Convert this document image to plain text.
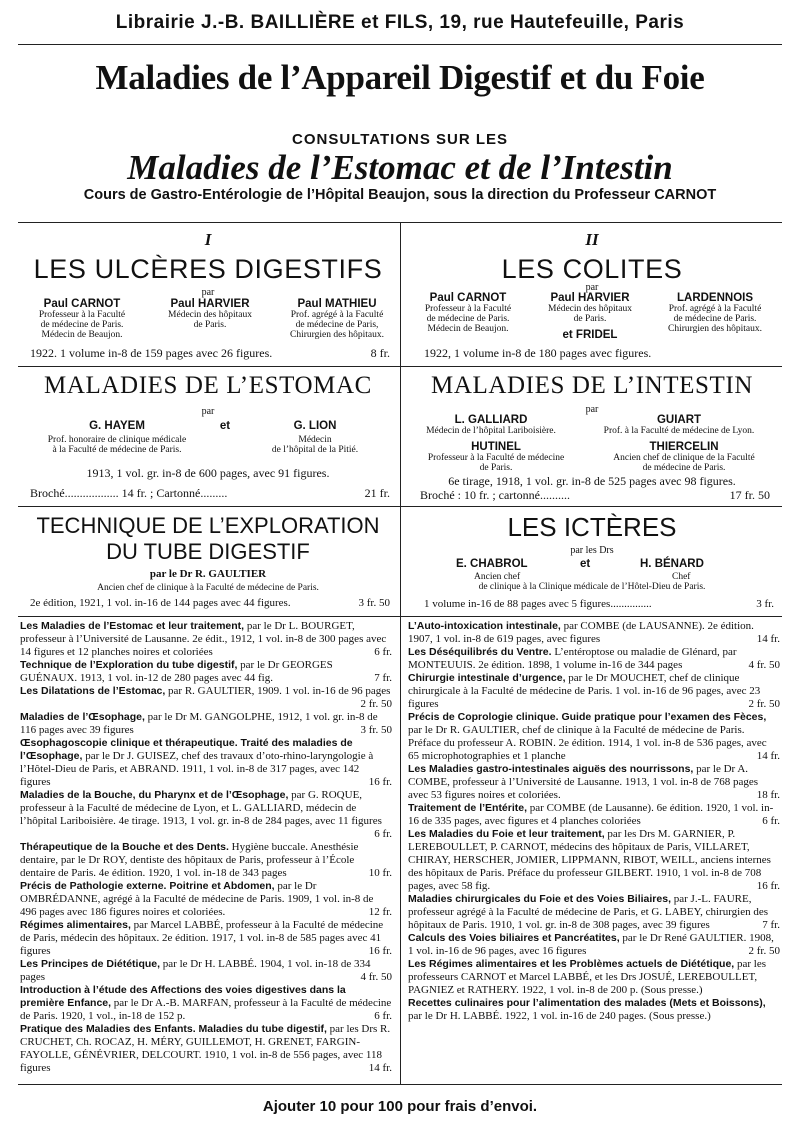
Librairie J.-B. BAILLIÈRE et FILS, 19, rue Hautefeuille, Paris
Maladies de l’Appareil Digestif et du Foie
CONSULTATIONS SUR LES
Maladies de l’Estomac et de l’Intestin
Cours de Gastro-Entérologie de l’Hôpital Beaujon, sous la direction du Professeur CARNOT
I
LES ULCÈRES DIGESTIFS
par
Paul CARNOT
Professeur à la Faculté
de médecine de Paris.
Médecin de Beaujon.
Paul HARVIER
Médecin des hôpitaux
de Paris.
Paul MATHIEU
Prof. agrégé à la Faculté
de médecine de Paris,
Chirurgien des hôpitaux.
1922. 1 volume in-8 de 159 pages avec 26 figures.	8 fr.
II
LES COLITES
par
Paul CARNOT
Professeur à la Faculté
de médecine de Paris.
Médecin de Beaujon.
Paul HARVIER
Médecin des hôpitaux
de Paris.
LARDENNOIS
Prof. agrégé à la Faculté
de médecine de Paris.
Chirurgien des hôpitaux.
et FRIDEL
1922, 1 volume in-8 de 180 pages avec figures.
MALADIES DE L’ESTOMAC
par
G. HAYEM
Prof. honoraire de clinique médicale
à la Faculté de médecine de Paris.
et	G. LION
Médecin
de l’hôpital de la Pitié.
1913, 1 vol. gr. in-8 de 600 pages, avec 91 figures.
Broché.................. 14 fr. ; Cartonné.........	21 fr.
MALADIES DE L’INTESTIN
par
L. GALLIARD
Médecin de l’hôpital Lariboisière.
GUIART
Prof. à la Faculté de médecine de Lyon.
HUTINEL
Professeur à la Faculté de médecine
de Paris.
THIERCELIN
Ancien chef de clinique de la Faculté
de médecine de Paris.
6e tirage, 1918, 1 vol. gr. in-8 de 525 pages avec 98 figures.
Broché : 10 fr. ; cartonné..........	17 fr. 50
TECHNIQUE DE L’EXPLORATION
DU TUBE DIGESTIF
par le Dr R. GAULTIER
Ancien chef de clinique à la Faculté de médecine de Paris.
2e édition, 1921, 1 vol. in-16 de 144 pages avec 44 figures.	3 fr. 50
LES ICTÈRES
par les Drs
E. CHABROL	et	H. BÉNARD
Ancien chef	Chef
de clinique à la Clinique médicale de l’Hôtel-Dieu de Paris.
1 volume in-16 de 88 pages avec 5 figures...............	3 fr.
Les Maladies de l’Estomac et leur traitement, par le Dr L. BOURGET, professeur à l’Université de Lausanne. 2e édit., 1912, 1 vol. in-8 de 300 pages avec 14 figures et 12 planches noires et coloriées	6 fr.
Technique de l’Exploration du tube digestif, par le Dr GEORGES GUÉNAUX. 1913, 1 vol. in-12 de 280 pages avec 44 fig.	7 fr.
Les Dilatations de l’Estomac, par R. GAULTIER, 1909. 1 vol. in-16 de 96 pages
2 fr. 50
Maladies de l’Œsophage, par le Dr M. GANGOLPHE, 1912, 1 vol. gr. in-8 de 116 pages avec 39 figures	3 fr. 50
Œsophagoscopie clinique et thérapeutique. Traité des maladies de l’Œsophage, par le Dr J. GUISEZ, chef des travaux d’oto-rhino-laryngologie à l’Hôtel-Dieu de Paris, et ABRAND. 1911, 1 vol. in-8 de 317 pages, avec 142 figures	16 fr.
Maladies de la Bouche, du Pharynx et de l’Œsophage, par G. ROQUE, professeur à la Faculté de médecine de Lyon, et L. GALLIARD, médecin de l’hôpital Lariboisière. 4e tirage. 1913, 1 vol. gr. in-8 de 284 pages, avec 11 figures
6 fr.
Thérapeutique de la Bouche et des Dents. Hygiène buccale. Anesthésie dentaire, par le Dr ROY, dentiste des hôpitaux de Paris, professeur à l’École dentaire de Paris. 4e édition. 1920, 1 vol. in-18 de 343 pages	10 fr.
Précis de Pathologie externe. Poitrine et Abdomen, par le Dr OMBRÉDANNE, agrégé à la Faculté de médecine de Paris. 1909, 1 vol. in-8 de 496 pages avec 186 figures noires et coloriées.	12 fr.
Régimes alimentaires, par Marcel LABBÉ, professeur à la Faculté de médecine de Paris, médecin des hôpitaux. 2e édition. 1917, 1 vol. in-8 de 585 pages avec 41 figures	16 fr.
Les Principes de Diététique, par le Dr H. LABBÉ. 1904, 1 vol. in-18 de 334 pages	4 fr. 50
Introduction à l’étude des Affections des voies digestives dans la première Enfance, par le Dr A.-B. MARFAN, professeur à la Faculté de médecine de Paris. 1920, 1 vol., in-18 de 152 p.	6 fr.
Pratique des Maladies des Enfants. Maladies du tube digestif, par les Drs R. CRUCHET, Ch. ROCAZ, H. MÉRY, GUILLEMOT, H. GRENET, FARGIN-FAYOLLE, GÉNÉVRIER, DELCOURT. 1910, 1 vol. in-8 de 556 pages, avec 118 figures	14 fr.
L’Auto-intoxication intestinale, par COMBE (de LAUSANNE). 2e édition. 1907, 1 vol. in-8 de 619 pages, avec figures	14 fr.
Les Déséquilibrés du Ventre. L’entéroptose ou maladie de Glénard, par MONTEUUIS. 2e édition. 1898, 1 volume in-16 de 344 pages	4 fr. 50
Chirurgie intestinale d’urgence, par le Dr MOUCHET, chef de clinique chirurgicale à la Faculté de médecine de Paris. 1 vol. in-16 de 96 pages, avec 23 figures	2 fr. 50
Précis de Coprologie clinique. Guide pratique pour l’examen des Fèces, par le Dr R. GAULTIER, chef de clinique à la Faculté de médecine de Paris. Préface du professeur A. ROBIN. 2e édition. 1914, 1 vol. in-8 de 536 pages, avec 65 microphotographies et 1 planche	14 fr.
Les Maladies gastro-intestinales aiguës des nourrissons, par le Dr A. COMBE, professeur à l’Université de Lausanne. 1913, 1 vol. in-8 de 768 pages avec 53 figures noires et coloriées.	18 fr.
Traitement de l’Entérite, par COMBE (de Lausanne). 6e édition. 1920, 1 vol. in-16 de 335 pages, avec figures et 4 planches coloriées	6 fr.
Les Maladies du Foie et leur traitement, par les Drs M. GARNIER, P. LEREBOULLET, P. CARNOT, médecins des hôpitaux de Paris, VILLARET, CHIRAY, HERSCHER, JOMIER, LIPPMANN, RIBOT, WEILL, anciens internes des hôpitaux de Paris. Préface du professeur GILBERT. 1910, 1 vol. in-8 de 708 pages, avec 58 fig.	16 fr.
Maladies chirurgicales du Foie et des Voies Biliaires, par J.-L. FAURE, professeur agrégé à la Faculté de médecine de Paris, et G. LABEY, chirurgien des hôpitaux de Paris. 1910, 1 vol. gr. in-8 de 308 pages, avec 39 figures	7 fr.
Calculs des Voies biliaires et Pancréatites, par le Dr René GAULTIER. 1908, 1 vol. in-16 de 96 pages, avec 16 figures	2 fr. 50
Les Régimes alimentaires et les Problèmes actuels de Diététique, par les professeurs CARNOT et Marcel LABBÉ, et les Drs JOSUÉ, LEREBOULLET, PAGNIEZ et RATHERY. 1922, 1 vol. in-8 de 200 p. (Sous presse.)
Recettes culinaires pour l’alimentation des malades (Mets et Boissons), par le Dr H. LABBÉ. 1922, 1 vol. in-16 de 240 pages. (Sous presse.)
Ajouter 10 pour 100 pour frais d’envoi.
